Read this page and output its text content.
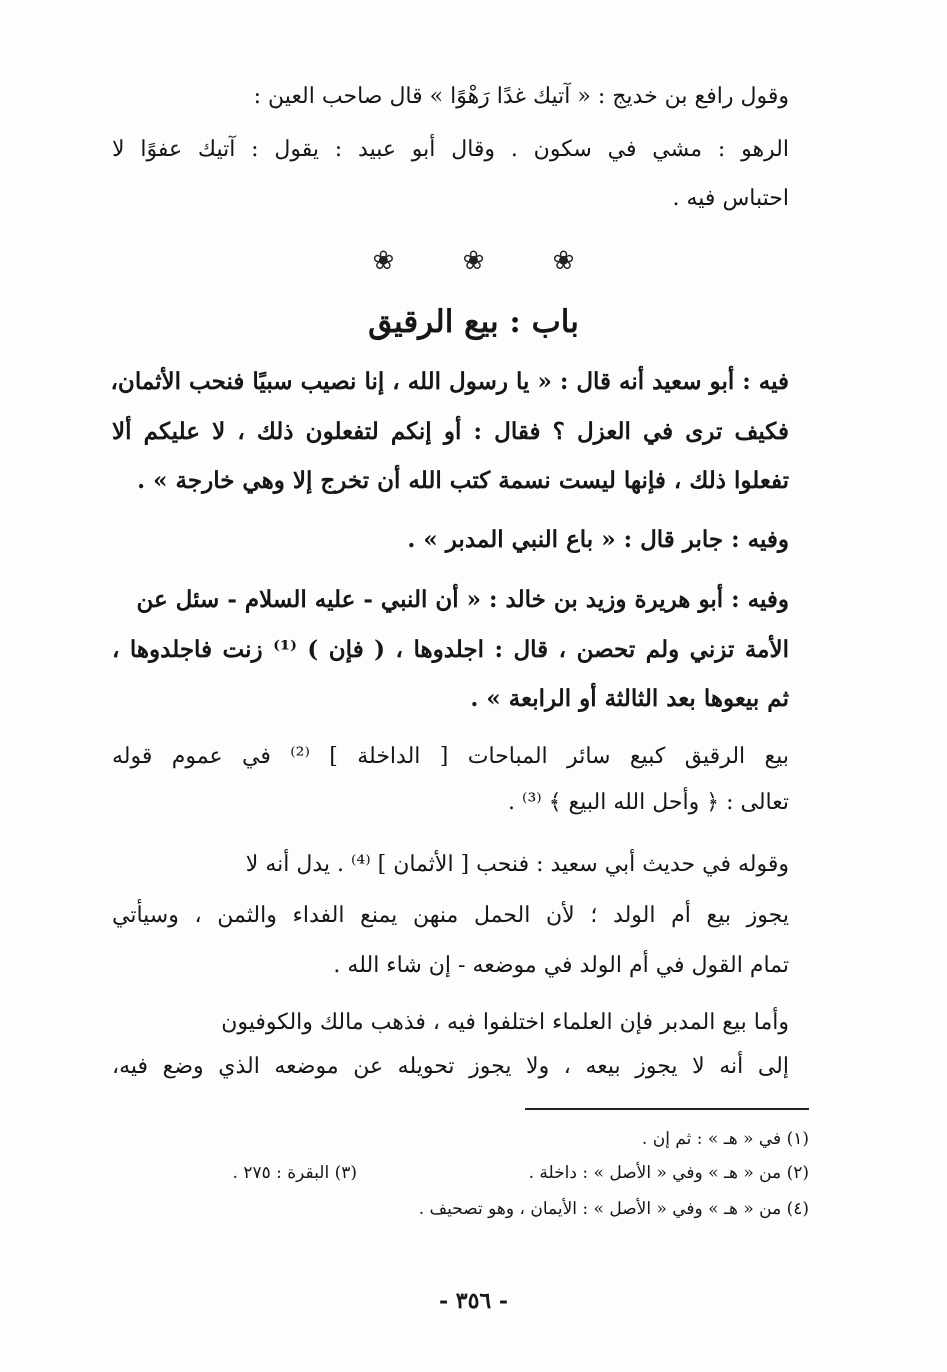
وقول رافع بن خديج : « آتيك غدًا رَهْوًا » قال صاحب العين :
الرهو : مشي في سكون . وقال أبو عبيد : يقول : آتيك عفوًا لا
احتباس فيه .
❀	❀	❀
باب : بيع الرقيق
فيه : أبو سعيد أنه قال : « يا رسول الله ، إنا نصيب سبيًا فنحب الأثمان،
فكيف ترى في العزل ؟ فقال : أو إنكم لتفعلون ذلك ، لا عليكم ألا
تفعلوا ذلك ، فإنها ليست نسمة كتب الله أن تخرج إلا وهي خارجة » .
وفيه : جابر قال : « باع النبي المدبر » .
وفيه : أبو هريرة وزيد بن خالد : « أن النبي - عليه السلام - سئل عن
الأمة تزني ولم تحصن ، قال : اجلدوها ، ( فإن ) ⁽¹⁾ زنت فاجلدوها ،
ثم بيعوها بعد الثالثة أو الرابعة » .
بيع الرقيق كبيع سائر المباحات [ الداخلة ] ⁽²⁾ في عموم قوله
تعالى : ﴿ وأحل الله البيع ﴾ ⁽³⁾ .
وقوله في حديث أبي سعيد : فنحب [ الأثمان ] ⁽⁴⁾ . يدل أنه لا
يجوز بيع أم الولد ؛ لأن الحمل منهن يمنع الفداء والثمن ، وسيأتي
تمام القول في أم الولد في موضعه - إن شاء الله .
وأما بيع المدبر فإن العلماء اختلفوا فيه ، فذهب مالك والكوفيون
إلى أنه لا يجوز بيعه ، ولا يجوز تحويله عن موضعه الذي وضع فيه،
(١) في « هـ » : ثم إن .
(٢) من « هـ » وفي « الأصل » : داخلة .
(٣) البقرة : ٢٧٥ .
(٤) من « هـ » وفي « الأصل » : الأيمان ، وهو تصحيف .
- ٣٥٦ -
